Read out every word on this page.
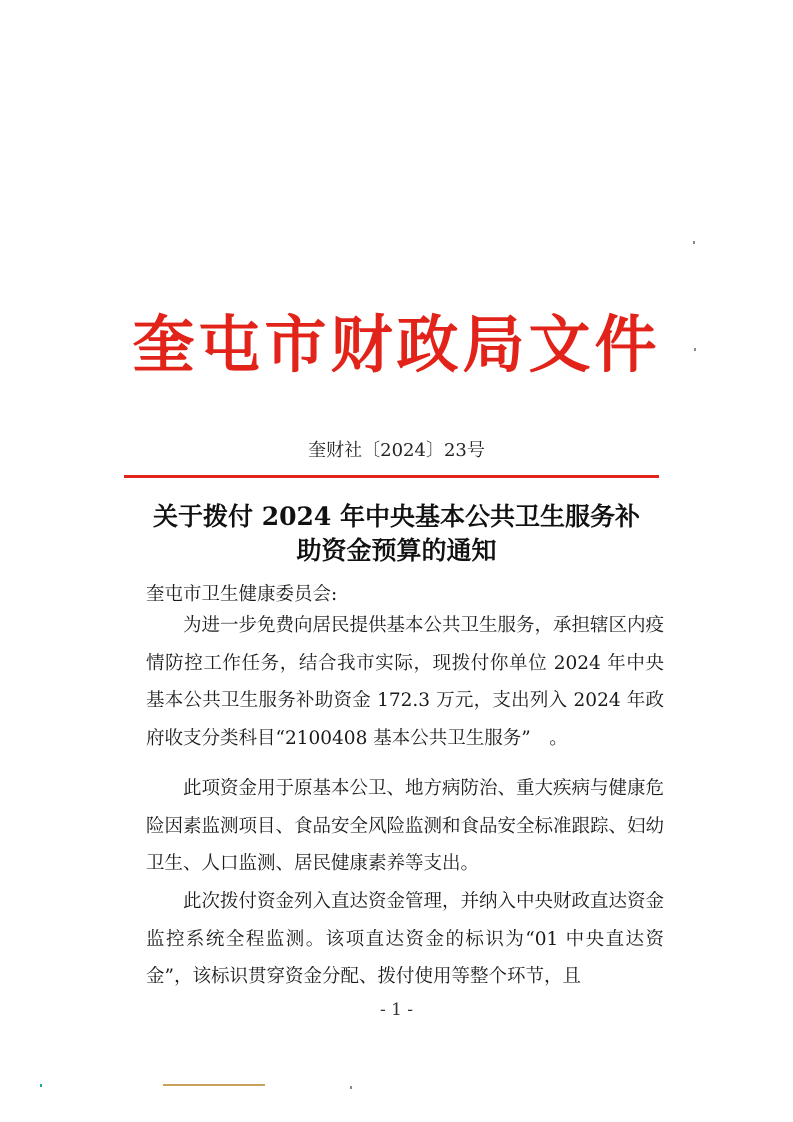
奎屯市财政局文件
奎财社〔2024〕23号
关于拨付 2024 年中央基本公共卫生服务补
助资金预算的通知
奎屯市卫生健康委员会:
为进一步免费向居民提供基本公共卫生服务，承担辖区内疫情防控工作任务，结合我市实际，现拨付你单位 2024 年中央基本公共卫生服务补助资金 172.3 万元，支出列入 2024 年政府收支分类科目“2100408 基本公共卫生服务”　。
此项资金用于原基本公卫、地方病防治、重大疾病与健康危险因素监测项目、食品安全风险监测和食品安全标准跟踪、妇幼卫生、人口监测、居民健康素养等支出。
此次拨付资金列入直达资金管理，并纳入中央财政直达资金监控系统全程监测。该项直达资金的标识为“01 中央直达资金”，该标识贯穿资金分配、拨付使用等整个环节，且
- 1 -
